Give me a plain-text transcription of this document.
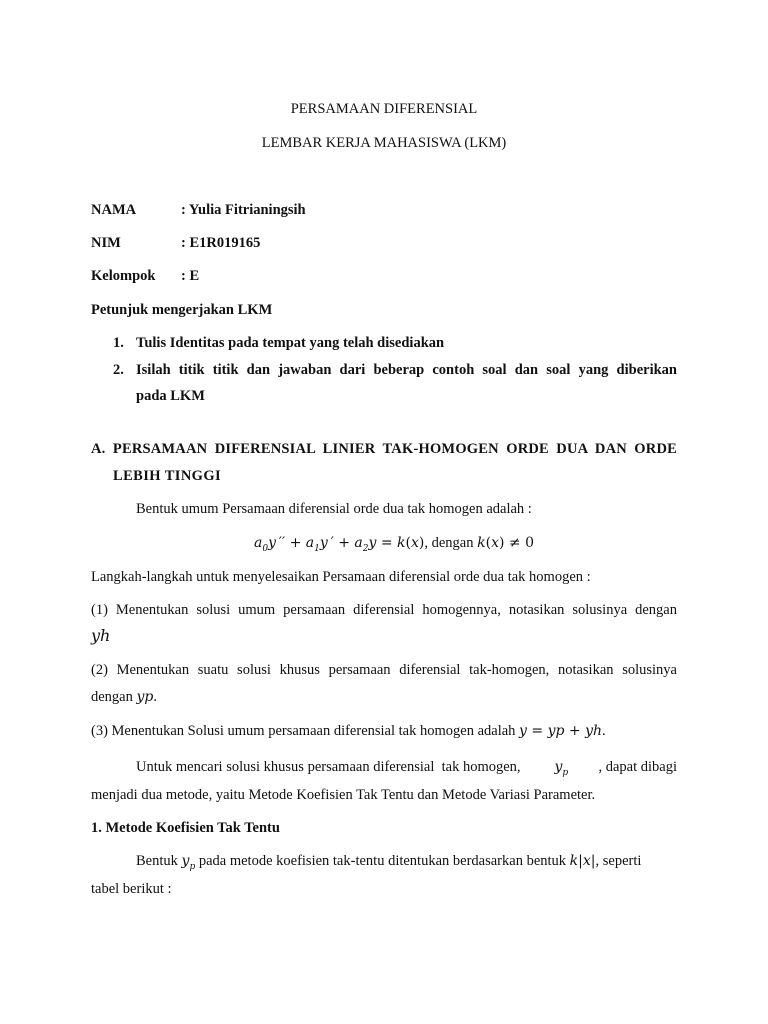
PERSAMAAN DIFERENSIAL
LEMBAR KERJA MAHASISWA (LKM)
NAMA	: Yulia Fitrianingsih
NIM	: E1R019165
Kelompok : E
Petunjuk mengerjakan LKM
1. Tulis Identitas pada tempat yang telah disediakan
2. Isilah titik titik dan jawaban dari beberap contoh soal dan soal yang diberikan
pada LKM
A. PERSAMAAN DIFERENSIAL LINIER TAK-HOMOGEN ORDE DUA DAN ORDE
LEBIH TINGGI
Bentuk umum Persamaan diferensial orde dua tak homogen adalah :
$a_0y$ ′′ + $a_1y$ ′ + $a_2y = k(x)$, dengan k(x) ≠ 0
Langkah-langkah untuk menyelesaikan Persamaan diferensial orde dua tak homogen :
(1) Menentukan solusi umum persamaan diferensial homogennya, notasikan solusinya dengan
yh
(2) Menentukan suatu solusi khusus persamaan diferensial tak-homogen, notasikan solusinya
dengan yp.
(3) Menentukan Solusi umum persamaan diferensial tak homogen adalah y = yp + yh.
Untuk mencari solusi khusus persamaan diferensial  tak homogen, $y_p$ , dapat dibagi
menjadi dua metode, yaitu Metode Koefisien Tak Tentu dan Metode Variasi Parameter.
1. Metode Koefisien Tak Tentu
Bentuk $y_p$ pada metode koefisien tak-tentu ditentukan berdasarkan bentuk k|x|, seperti
tabel berikut :
